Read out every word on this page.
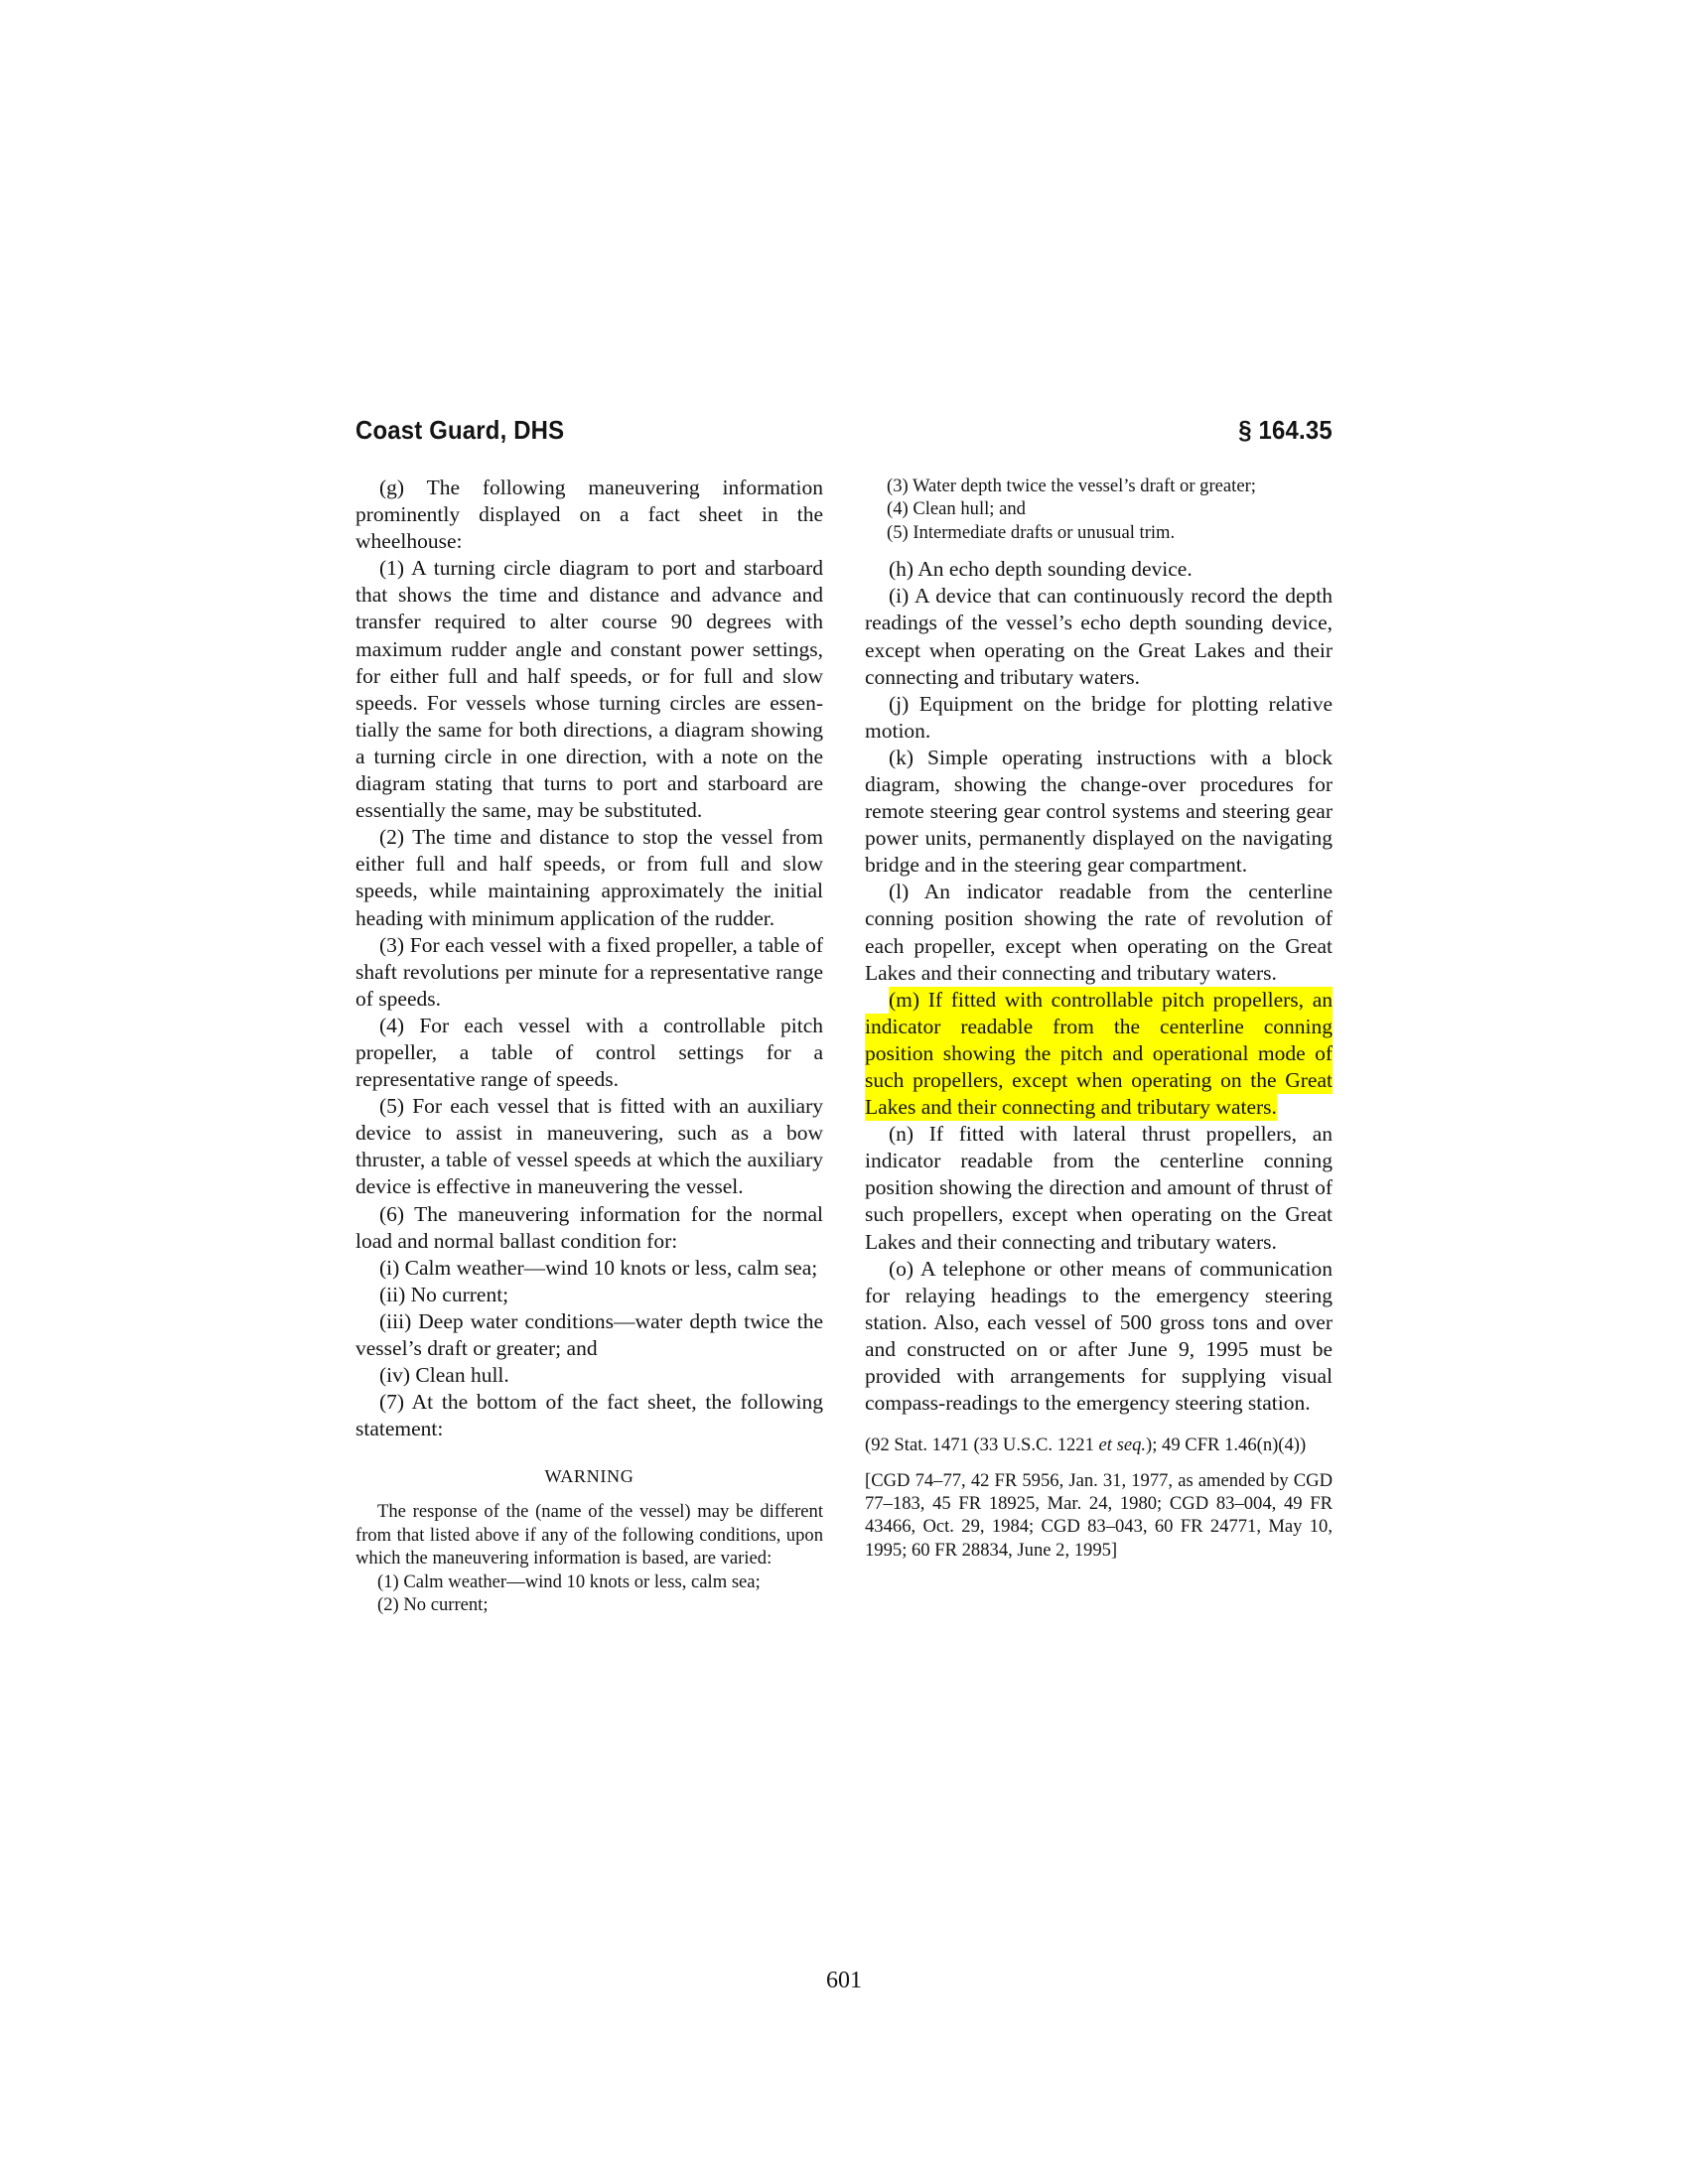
Coast Guard, DHS	§ 164.35

(g) The following maneuvering information prominently displayed on a fact sheet in the wheelhouse:

(1) A turning circle diagram to port and starboard that shows the time and distance and advance and transfer required to alter course 90 degrees with maximum rudder angle and constant power settings, for either full and half speeds, or for full and slow speeds. For vessels whose turning circles are essentially the same for both directions, a diagram showing a turning circle in one direction, with a note on the diagram stating that turns to port and starboard are essentially the same, may be substituted.

(2) The time and distance to stop the vessel from either full and half speeds, or from full and slow speeds, while maintaining approximately the initial heading with minimum application of the rudder.

(3) For each vessel with a fixed propeller, a table of shaft revolutions per minute for a representative range of speeds.

(4) For each vessel with a controllable pitch propeller, a table of control settings for a representative range of speeds.

(5) For each vessel that is fitted with an auxiliary device to assist in maneuvering, such as a bow thruster, a table of vessel speeds at which the auxiliary device is effective in maneuvering the vessel.

(6) The maneuvering information for the normal load and normal ballast condition for:

(i) Calm weather—wind 10 knots or less, calm sea;

(ii) No current;

(iii) Deep water conditions—water depth twice the vessel’s draft or greater; and

(iv) Clean hull.

(7) At the bottom of the fact sheet, the following statement:

WARNING

The response of the (name of the vessel) may be different from that listed above if any of the following conditions, upon which the maneuvering information is based, are varied:

(1) Calm weather—wind 10 knots or less, calm sea;

(2) No current;

(3) Water depth twice the vessel’s draft or greater;

(4) Clean hull; and

(5) Intermediate drafts or unusual trim.

(h) An echo depth sounding device.

(i) A device that can continuously record the depth readings of the vessel’s echo depth sounding device, except when operating on the Great Lakes and their connecting and tributary waters.

(j) Equipment on the bridge for plotting relative motion.

(k) Simple operating instructions with a block diagram, showing the change-over procedures for remote steering gear control systems and steering gear power units, permanently displayed on the navigating bridge and in the steering gear compartment.

(l) An indicator readable from the centerline conning position showing the rate of revolution of each propeller, except when operating on the Great Lakes and their connecting and tributary waters.

(m) If fitted with controllable pitch propellers, an indicator readable from the centerline conning position showing the pitch and operational mode of such propellers, except when operating on the Great Lakes and their connecting and tributary waters.

(n) If fitted with lateral thrust propellers, an indicator readable from the centerline conning position showing the direction and amount of thrust of such propellers, except when operating on the Great Lakes and their connecting and tributary waters.

(o) A telephone or other means of communication for relaying headings to the emergency steering station. Also, each vessel of 500 gross tons and over and constructed on or after June 9, 1995 must be provided with arrangements for supplying visual compass-readings to the emergency steering station.

(92 Stat. 1471 (33 U.S.C. 1221 et seq.); 49 CFR 1.46(n)(4))

[CGD 74–77, 42 FR 5956, Jan. 31, 1977, as amended by CGD 77–183, 45 FR 18925, Mar. 24, 1980; CGD 83–004, 49 FR 43466, Oct. 29, 1984; CGD 83–043, 60 FR 24771, May 10, 1995; 60 FR 28834, June 2, 1995]

601
